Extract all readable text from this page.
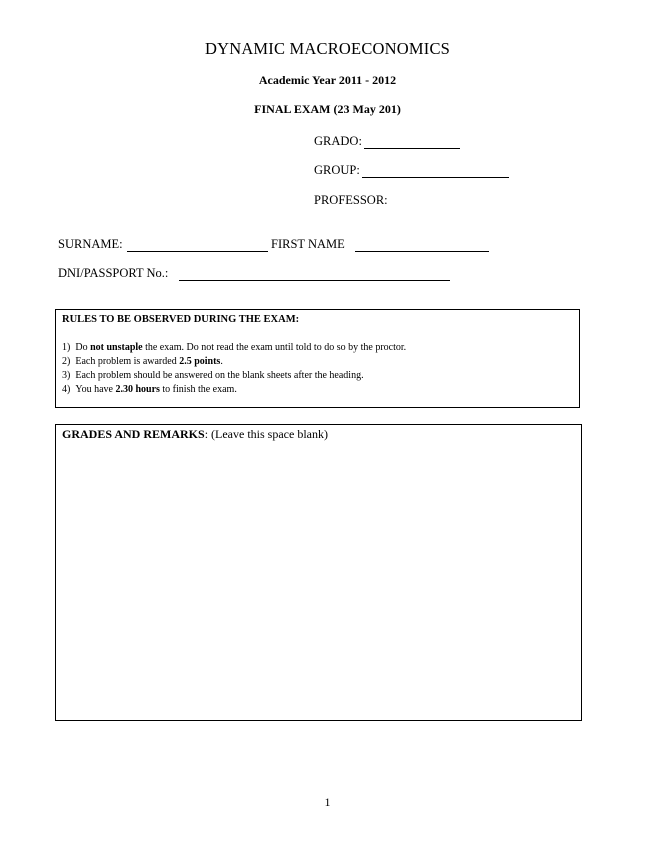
DYNAMIC MACROECONOMICS
Academic Year 2011 - 2012
FINAL EXAM (23 May 201)
GRADO:
GROUP:
PROFESSOR:
SURNAME:	FIRST NAME
DNI/PASSPORT No.:
RULES TO BE OBSERVED DURING THE EXAM:
1) Do not unstaple the exam. Do not read the exam until told to do so by the proctor.
2) Each problem is awarded 2.5 points.
3) Each problem should be answered on the blank sheets after the heading.
4) You have 2.30 hours to finish the exam.
GRADES AND REMARKS: (Leave this space blank)
1
